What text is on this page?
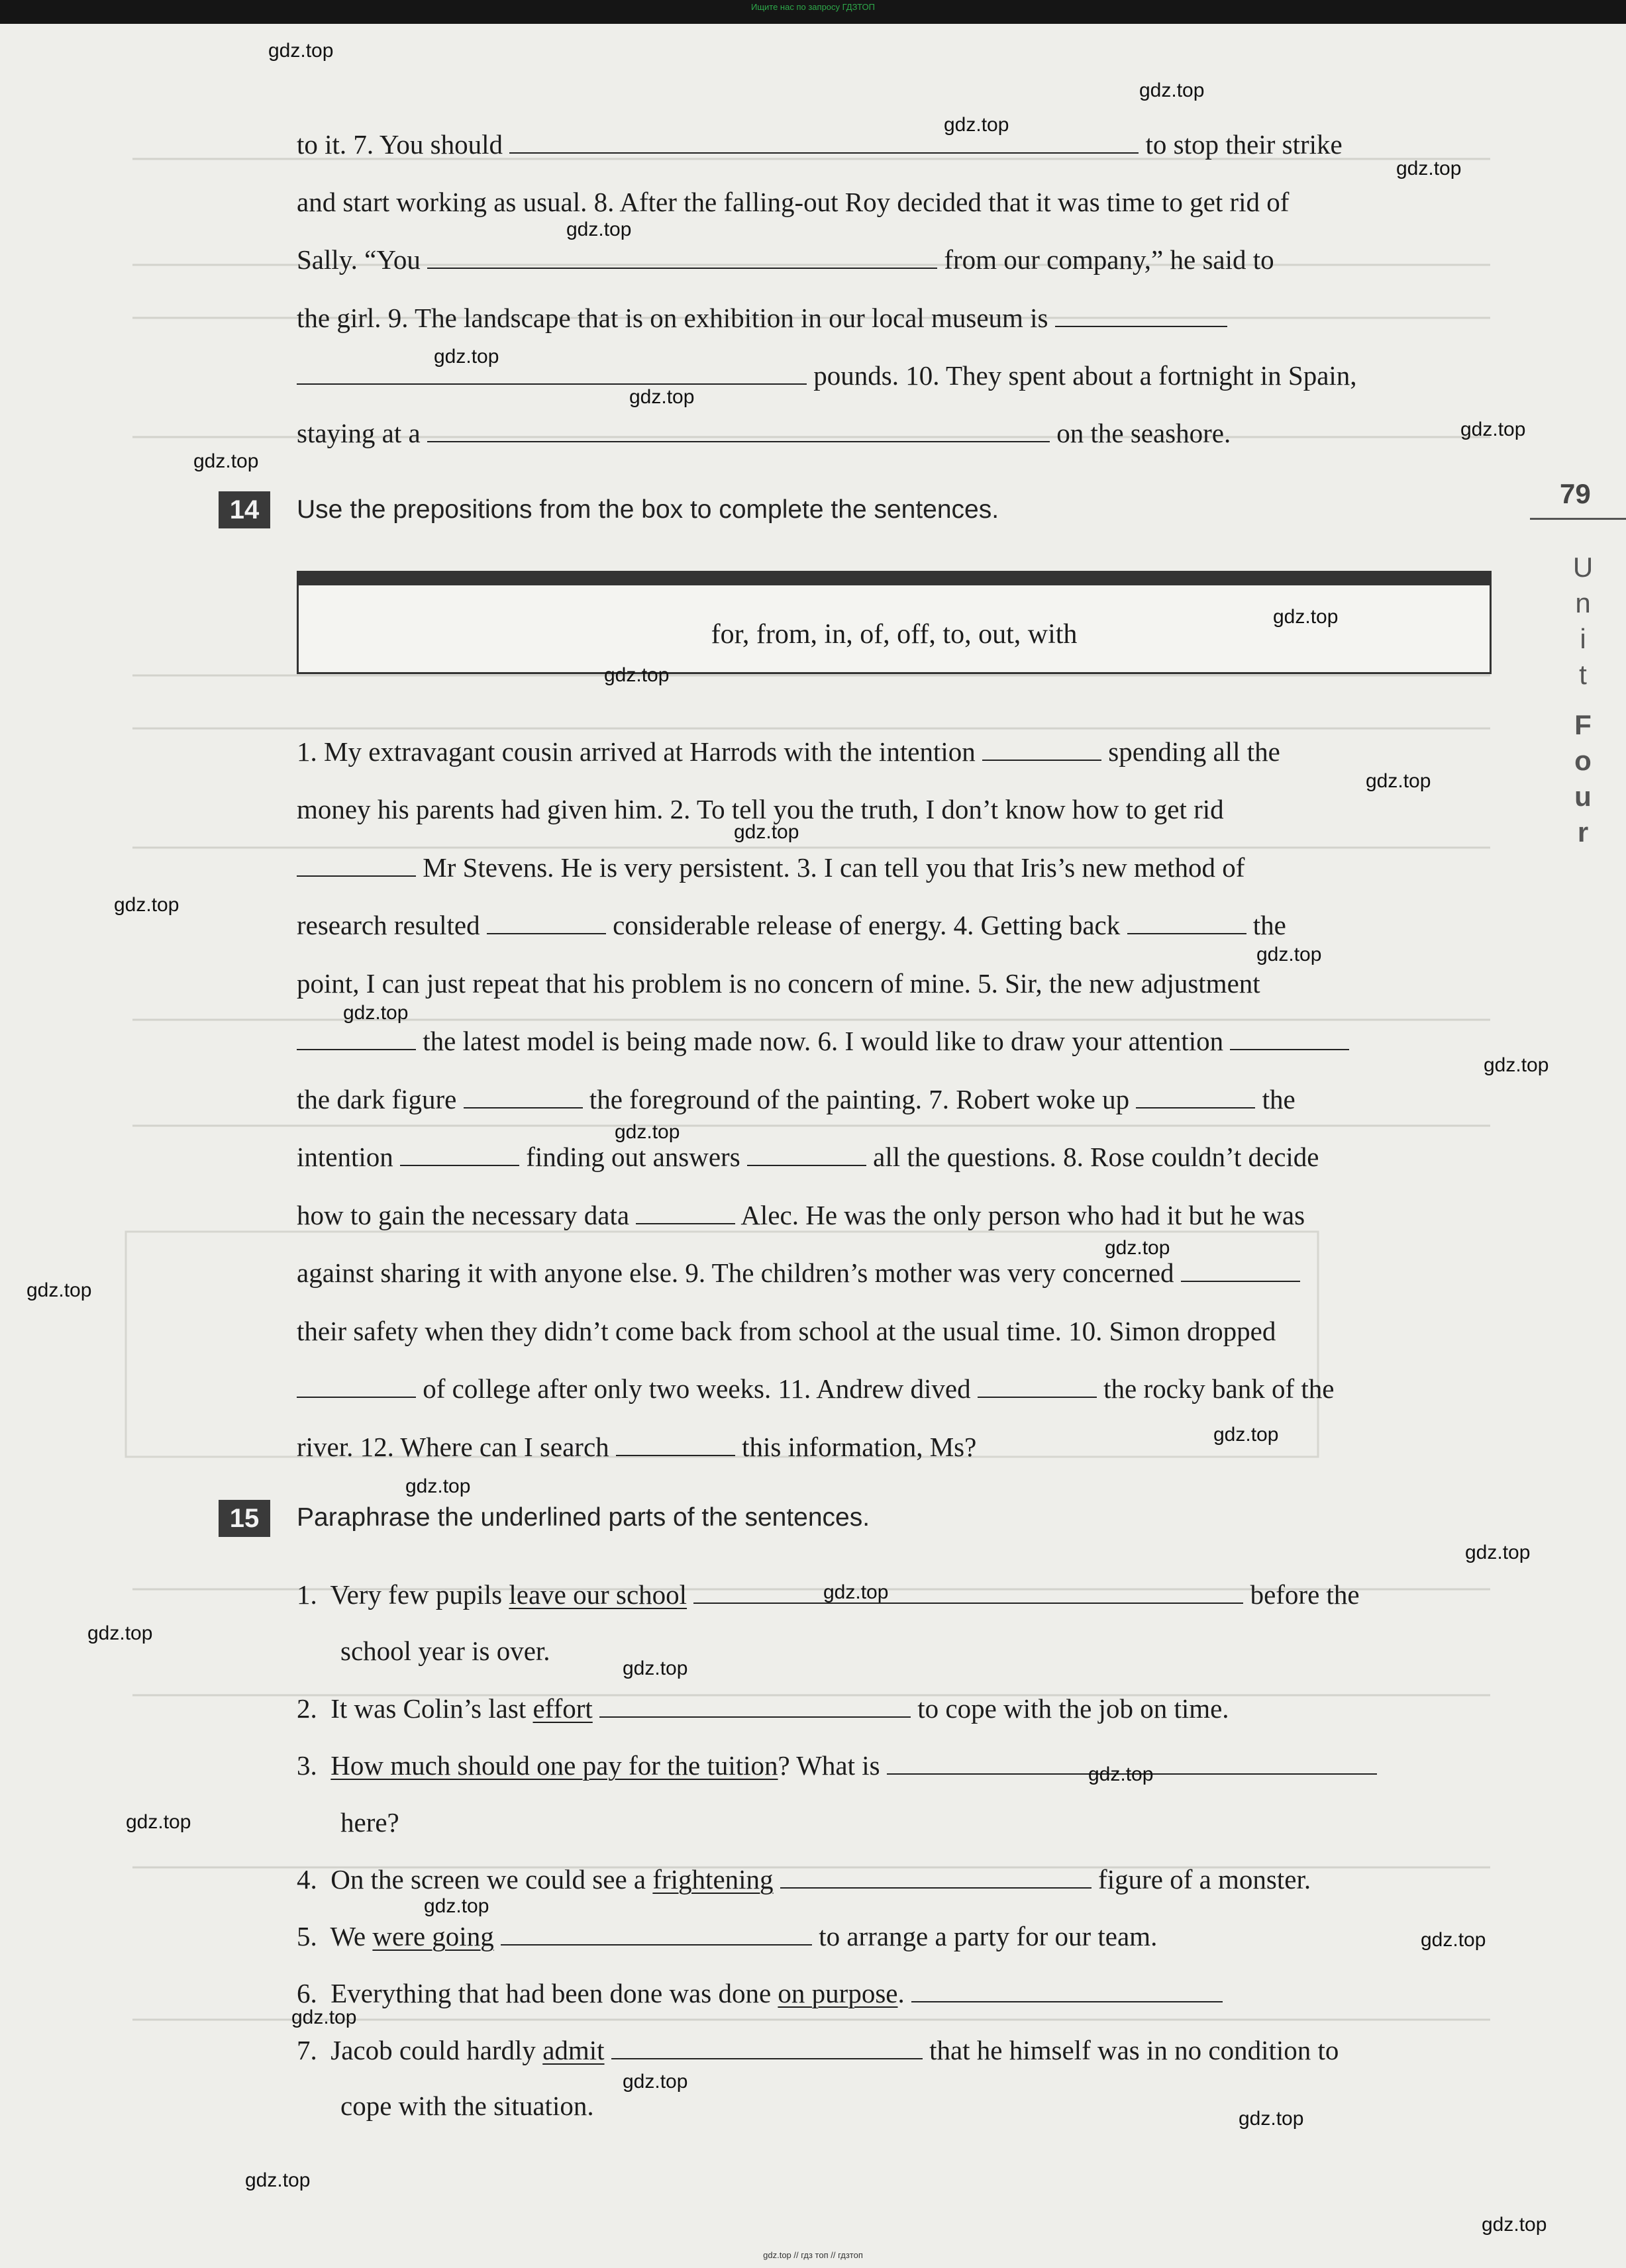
Ищите нас по запросу ГДЗТОП
to it. 7. You should	to stop their strike
and start working as usual. 8. After the falling-out Roy decided that it was time to get rid of
Sally. “You	from our company,” he said to
the girl. 9. The landscape that is on exhibition in our local museum is
pounds. 10. They spent about a fortnight in Spain,
staying at a	on the seashore.
79
U
n
i
t
F
o
u
r
14	Use the prepositions from the box to complete the sentences.
for, from, in, of, off, to, out, with
1. My extravagant cousin arrived at Harrods with the intention	spending all the
money his parents had given him. 2. To tell you the truth, I don’t know how to get rid
Mr Stevens. He is very persistent. 3. I can tell you that Iris’s new method of
research resulted	considerable release of energy. 4. Getting back	the
point, I can just repeat that his problem is no concern of mine. 5. Sir, the new adjustment
the latest model is being made now. 6. I would like to draw your attention
the dark figure	the foreground of the painting. 7. Robert woke up	the
intention	finding out answers	all the questions. 8. Rose couldn’t decide
how to gain the necessary data	Alec. He was the only person who had it but he was
against sharing it with anyone else. 9. The children’s mother was very concerned
their safety when they didn’t come back from school at the usual time. 10. Simon dropped
of college after only two weeks. 11. Andrew dived	the rocky bank of the
river. 12. Where can I search	this information, Ms?
15	Paraphrase the underlined parts of the sentences.
1. Very few pupils leave our school	before the
school year is over.
2. It was Colin’s last effort	to cope with the job on time.
3. How much should one pay for the tuition? What is
here?
4. On the screen we could see a frightening	figure of a monster.
5. We were going	to arrange a party for our team.
6. Everything that had been done was done on purpose.
7. Jacob could hardly admit	that he himself was in no condition to
cope with the situation.
gdz.top
gdz.top
gdz.top
gdz.top
gdz.top
gdz.top
gdz.top
gdz.top
gdz.top
gdz.top
gdz.top
gdz.top
gdz.top
gdz.top
gdz.top
gdz.top
gdz.top
gdz.top
gdz.top
gdz.top
gdz.top
gdz.top
gdz.top
gdz.top
gdz.top
gdz.top
gdz.top
gdz.top
gdz.top
gdz.top
gdz.top
gdz.top
gdz.top
gdz.top
gdz.top
gdz.top // гдз топ // гдзтоп
